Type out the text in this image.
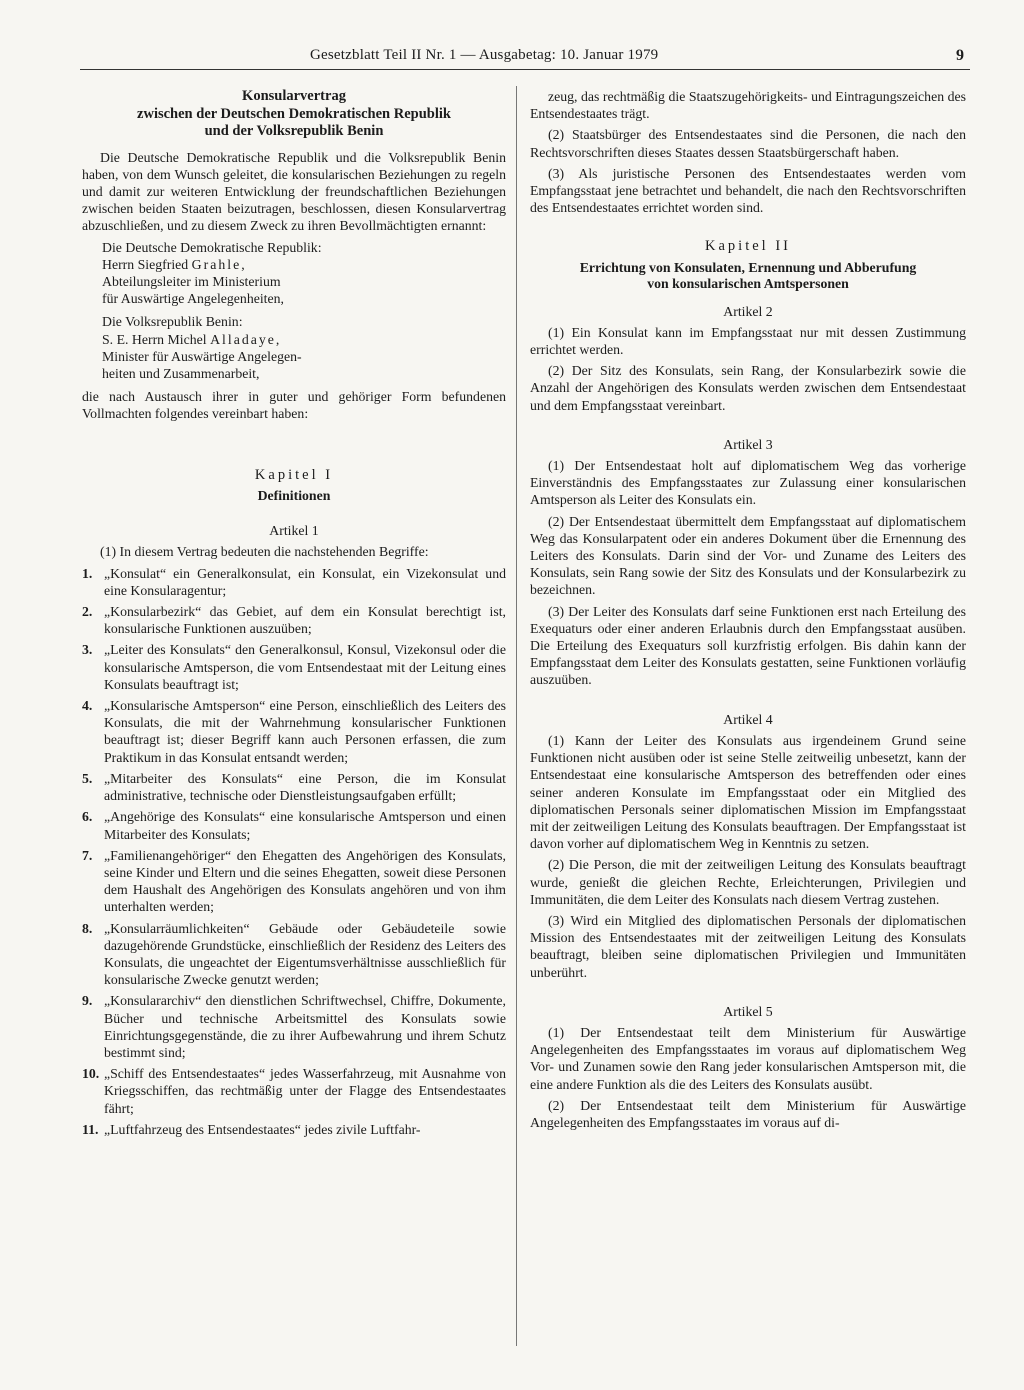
Gesetzblatt Teil II Nr. 1 — Ausgabetag: 10. Januar 1979	9
Konsularvertrag
zwischen der Deutschen Demokratischen Republik
und der Volksrepublik Benin

Die Deutsche Demokratische Republik und die Volksrepublik Benin haben, von dem Wunsch geleitet, die konsularischen Beziehungen zu regeln und damit zur weiteren Entwicklung der freundschaftlichen Beziehungen zwischen beiden Staaten beizutragen, beschlossen, diesen Konsularvertrag abzuschließen, und zu diesem Zweck zu ihren Bevollmächtigten ernannt:

Die Deutsche Demokratische Republik:
Herrn Siegfried Grahle,
Abteilungsleiter im Ministerium
für Auswärtige Angelegenheiten,
Die Volksrepublik Benin:
S. E. Herrn Michel Alladaye,
Minister für Auswärtige Angelegen-
heiten und Zusammenarbeit,

die nach Austausch ihrer in guter und gehöriger Form befundenen Vollmachten folgendes vereinbart haben:

Kapitel I
Definitionen
Artikel 1

(1) In diesem Vertrag bedeuten die nachstehenden Begriffe:

1. „Konsulat“ ein Generalkonsulat, ein Konsulat, ein Vizekonsulat und eine Konsularagentur;
2. „Konsularbezirk“ das Gebiet, auf dem ein Konsulat berechtigt ist, konsularische Funktionen auszuüben;
3. „Leiter des Konsulats“ den Generalkonsul, Konsul, Vizekonsul oder die konsularische Amtsperson, die vom Entsendestaat mit der Leitung eines Konsulats beauftragt ist;
4. „Konsularische Amtsperson“ eine Person, einschließlich des Leiters des Konsulats, die mit der Wahrnehmung konsularischer Funktionen beauftragt ist; dieser Begriff kann auch Personen erfassen, die zum Praktikum in das Konsulat entsandt werden;
5. „Mitarbeiter des Konsulats“ eine Person, die im Konsulat administrative, technische oder Dienstleistungsaufgaben erfüllt;
6. „Angehörige des Konsulats“ eine konsularische Amtsperson und einen Mitarbeiter des Konsulats;
7. „Familienangehöriger“ den Ehegatten des Angehörigen des Konsulats, seine Kinder und Eltern und die seines Ehegatten, soweit diese Personen dem Haushalt des Angehörigen des Konsulats angehören und von ihm unterhalten werden;
8. „Konsularräumlichkeiten“ Gebäude oder Gebäudeteile sowie dazugehörende Grundstücke, einschließlich der Residenz des Leiters des Konsulats, die ungeachtet der Eigentumsverhältnisse ausschließlich für konsularische Zwecke genutzt werden;
9. „Konsulararchiv“ den dienstlichen Schriftwechsel, Chiffre, Dokumente, Bücher und technische Arbeitsmittel des Konsulats sowie Einrichtungsgegenstände, die zu ihrer Aufbewahrung und ihrem Schutz bestimmt sind;
10. „Schiff des Entsendestaates“ jedes Wasserfahrzeug, mit Ausnahme von Kriegsschiffen, das rechtmäßig unter der Flagge des Entsendestaates fährt;
11. „Luftfahrzeug des Entsendestaates“ jedes zivile Luftfahr-

zeug, das rechtmäßig die Staatszugehörigkeits- und Eintragungszeichen des Entsendestaates trägt.

(2) Staatsbürger des Entsendestaates sind die Personen, die nach den Rechtsvorschriften dieses Staates dessen Staatsbürgerschaft haben.

(3) Als juristische Personen des Entsendestaates werden vom Empfangsstaat jene betrachtet und behandelt, die nach den Rechtsvorschriften des Entsendestaates errichtet worden sind.

Kapitel II
Errichtung von Konsulaten, Ernennung und Abberufung
von konsularischen Amtspersonen
Artikel 2

(1) Ein Konsulat kann im Empfangsstaat nur mit dessen Zustimmung errichtet werden.

(2) Der Sitz des Konsulats, sein Rang, der Konsularbezirk sowie die Anzahl der Angehörigen des Konsulats werden zwischen dem Entsendestaat und dem Empfangsstaat vereinbart.

Artikel 3

(1) Der Entsendestaat holt auf diplomatischem Weg das vorherige Einverständnis des Empfangsstaates zur Zulassung einer konsularischen Amtsperson als Leiter des Konsulats ein.

(2) Der Entsendestaat übermittelt dem Empfangsstaat auf diplomatischem Weg das Konsularpatent oder ein anderes Dokument über die Ernennung des Leiters des Konsulats. Darin sind der Vor- und Zuname des Leiters des Konsulats, sein Rang sowie der Sitz des Konsulats und der Konsularbezirk zu bezeichnen.

(3) Der Leiter des Konsulats darf seine Funktionen erst nach Erteilung des Exequaturs oder einer anderen Erlaubnis durch den Empfangsstaat ausüben. Die Erteilung des Exequaturs soll kurzfristig erfolgen. Bis dahin kann der Empfangsstaat dem Leiter des Konsulats gestatten, seine Funktionen vorläufig auszuüben.

Artikel 4

(1) Kann der Leiter des Konsulats aus irgendeinem Grund seine Funktionen nicht ausüben oder ist seine Stelle zeitweilig unbesetzt, kann der Entsendestaat eine konsularische Amtsperson des betreffenden oder eines seiner anderen Konsulate im Empfangsstaat oder ein Mitglied des diplomatischen Personals seiner diplomatischen Mission im Empfangsstaat mit der zeitweiligen Leitung des Konsulats beauftragen. Der Empfangsstaat ist davon vorher auf diplomatischem Weg in Kenntnis zu setzen.

(2) Die Person, die mit der zeitweiligen Leitung des Konsulats beauftragt wurde, genießt die gleichen Rechte, Erleichterungen, Privilegien und Immunitäten, die dem Leiter des Konsulats nach diesem Vertrag zustehen.

(3) Wird ein Mitglied des diplomatischen Personals der diplomatischen Mission des Entsendestaates mit der zeitweiligen Leitung des Konsulats beauftragt, bleiben seine diplomatischen Privilegien und Immunitäten unberührt.

Artikel 5

(1) Der Entsendestaat teilt dem Ministerium für Auswärtige Angelegenheiten des Empfangsstaates im voraus auf diplomatischem Weg Vor- und Zunamen sowie den Rang jeder konsularischen Amtsperson mit, die eine andere Funktion als die des Leiters des Konsulats ausübt.

(2) Der Entsendestaat teilt dem Ministerium für Auswärtige Angelegenheiten des Empfangsstaates im voraus auf di-
